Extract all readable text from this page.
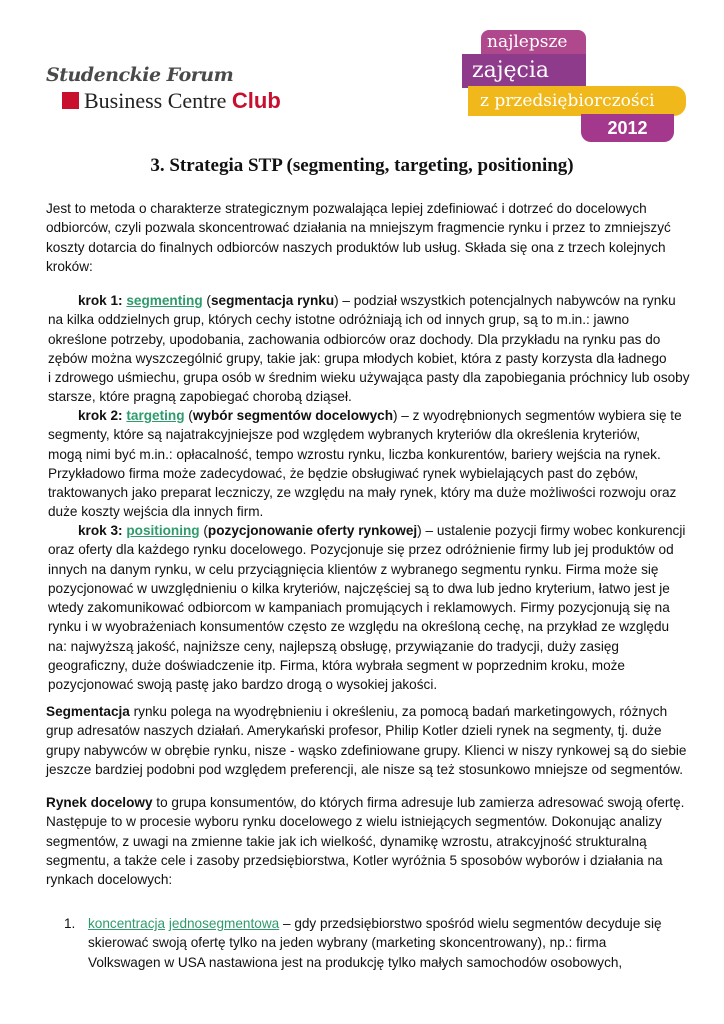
Studenckie Forum
Business Centre Club
najlepsze
zajęcia
z przedsiębiorczości
2012
3. Strategia STP (segmenting, targeting, positioning)
Jest to metoda o charakterze strategicznym pozwalająca lepiej zdefiniować i dotrzeć do docelowych
odbiorców, czyli pozwala skoncentrować działania na mniejszym fragmencie rynku i przez to zmniejszyć
koszty dotarcia do finalnych odbiorców naszych produktów lub usług. Składa się ona z trzech kolejnych
kroków:
krok 1: segmenting (segmentacja rynku) – podział wszystkich potencjalnych nabywców na rynku
na kilka oddzielnych grup, których cechy istotne odróżniają ich od innych grup, są to m.in.: jawno
określone potrzeby, upodobania, zachowania odbiorców oraz dochody. Dla przykładu na rynku pas do
zębów można wyszczególnić grupy, takie jak: grupa młodych kobiet, która z pasty korzysta dla ładnego
i zdrowego uśmiechu, grupa osób w średnim wieku używająca pasty dla zapobiegania próchnicy lub osoby
starsze, które pragną zapobiegać chorobą dziąseł.
krok 2: targeting (wybór segmentów docelowych) – z wyodrębnionych segmentów wybiera się te
segmenty, które są najatrakcyjniejsze pod względem wybranych kryteriów dla określenia kryteriów,
mogą nimi być m.in.: opłacalność, tempo wzrostu rynku, liczba konkurentów, bariery wejścia na rynek.
Przykładowo firma może zadecydować, że będzie obsługiwać rynek wybielających past do zębów,
traktowanych jako preparat leczniczy, ze względu na mały rynek, który ma duże możliwości rozwoju oraz
duże koszty wejścia dla innych firm.
krok 3: positioning (pozycjonowanie oferty rynkowej) – ustalenie pozycji firmy wobec konkurencji
oraz oferty dla każdego rynku docelowego. Pozycjonuje się przez odróżnienie firmy lub jej produktów od
innych na danym rynku, w celu przyciągnięcia klientów z wybranego segmentu rynku. Firma może się
pozycjonować w uwzględnieniu o kilka kryteriów, najczęściej są to dwa lub jedno kryterium, łatwo jest je
wtedy zakomunikować odbiorcom w kampaniach promujących i reklamowych. Firmy pozycjonują się na
rynku i w wyobrażeniach konsumentów często ze względu na określoną cechę, na przykład ze względu
na: najwyższą jakość, najniższe ceny, najlepszą obsługę, przywiązanie do tradycji, duży zasięg
geograficzny, duże doświadczenie itp. Firma, która wybrała segment w poprzednim kroku, może
pozycjonować swoją pastę jako bardzo drogą o wysokiej jakości.
Segmentacja rynku polega na wyodrębnieniu i określeniu, za pomocą badań marketingowych, różnych
grup adresatów naszych działań. Amerykański profesor, Philip Kotler dzieli rynek na segmenty, tj. duże
grupy nabywców w obrębie rynku, nisze - wąsko zdefiniowane grupy. Klienci w niszy rynkowej są do siebie
jeszcze bardziej podobni pod względem preferencji, ale nisze są też stosunkowo mniejsze od segmentów.
Rynek docelowy to grupa konsumentów, do których firma adresuje lub zamierza adresować swoją ofertę.
Następuje to w procesie wyboru rynku docelowego z wielu istniejących segmentów. Dokonując analizy
segmentów, z uwagi na zmienne takie jak ich wielkość, dynamikę wzrostu, atrakcyjność strukturalną
segmentu, a także cele i zasoby przedsiębiorstwa, Kotler wyróżnia 5 sposobów wyborów i działania na
rynkach docelowych:
1. koncentracja jednosegmentowa – gdy przedsiębiorstwo spośród wielu segmentów decyduje się
skierować swoją ofertę tylko na jeden wybrany (marketing skoncentrowany), np.: firma
Volkswagen w USA nastawiona jest na produkcję tylko małych samochodów osobowych,
